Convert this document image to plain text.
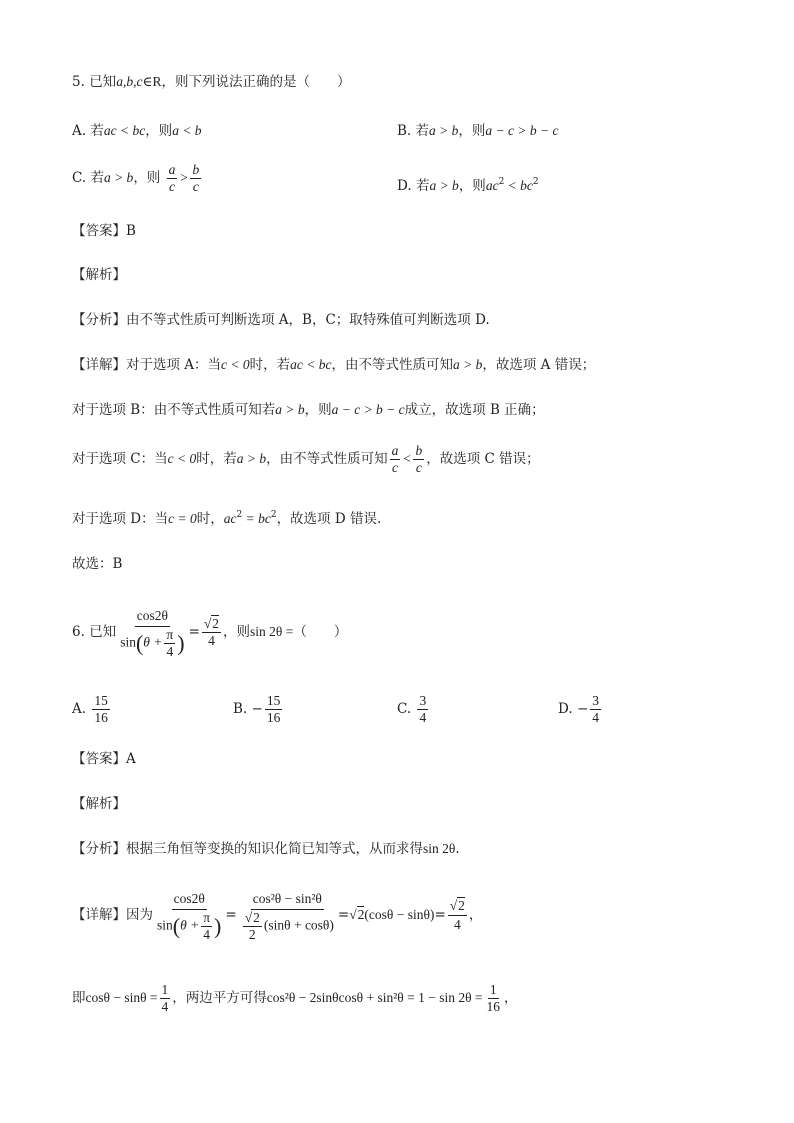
5. 已知a,b,c∈R，则下列说法正确的是（　　）
A. 若ac < bc，则a < b	B. 若a > b，则a − c > b − c
C. 若a > b，则 $\frac{a}{c} > \frac{b}{c}$	D. 若a > b，则$ac^2 < bc^2$
【答案】B
【解析】
【分析】由不等式性质可判断选项 A，B，C；取特殊值可判断选项 D.
【详解】对于选项 A：当c < 0时，若ac < bc，由不等式性质可知a > b，故选项 A 错误；
对于选项 B：由不等式性质可知若a > b，则a − c > b − c成立，故选项 B 正确；
对于选项 C：当c < 0时，若a > b，由不等式性质可知 $\frac{a}{c} < \frac{b}{c}$ ，故选项 C 错误；
对于选项 D：当c = 0时，$ac^2 = bc^2$，故选项 D 错误.
故选：B
6. 已知 $\frac{\cos 2\theta}{\sin(\theta + \frac{\pi}{4} )} = \frac{√2}{4}$ ，则sin 2θ =（　　）
A. $\frac{15}{16}$	B. − $\frac{15}{16}$	C. $\frac{3}{4}$	D. − $\frac{3}{4}$
【答案】A
【解析】
【分析】根据三角恒等变换的知识化简已知等式，从而求得sin 2θ.
【详解】因为 $\frac{\cos 2\theta}{\sin(\theta + \frac{\pi}{4} )} = \frac{\text{cos²θ − sin²θ}}{\frac{√2}{2} (\sin\theta + \cos\theta)} =√2(\cos\theta - \sin\theta)= \frac{√2}{4}$ ，
即$\cos\theta - \sin\theta = \frac{1}{4}$ ，两边平方可得$\cos^2\theta - 2\sin\theta\cos\theta + \sin^2\theta = 1 - \sin 2\theta = \frac{1}{16}$ ，
